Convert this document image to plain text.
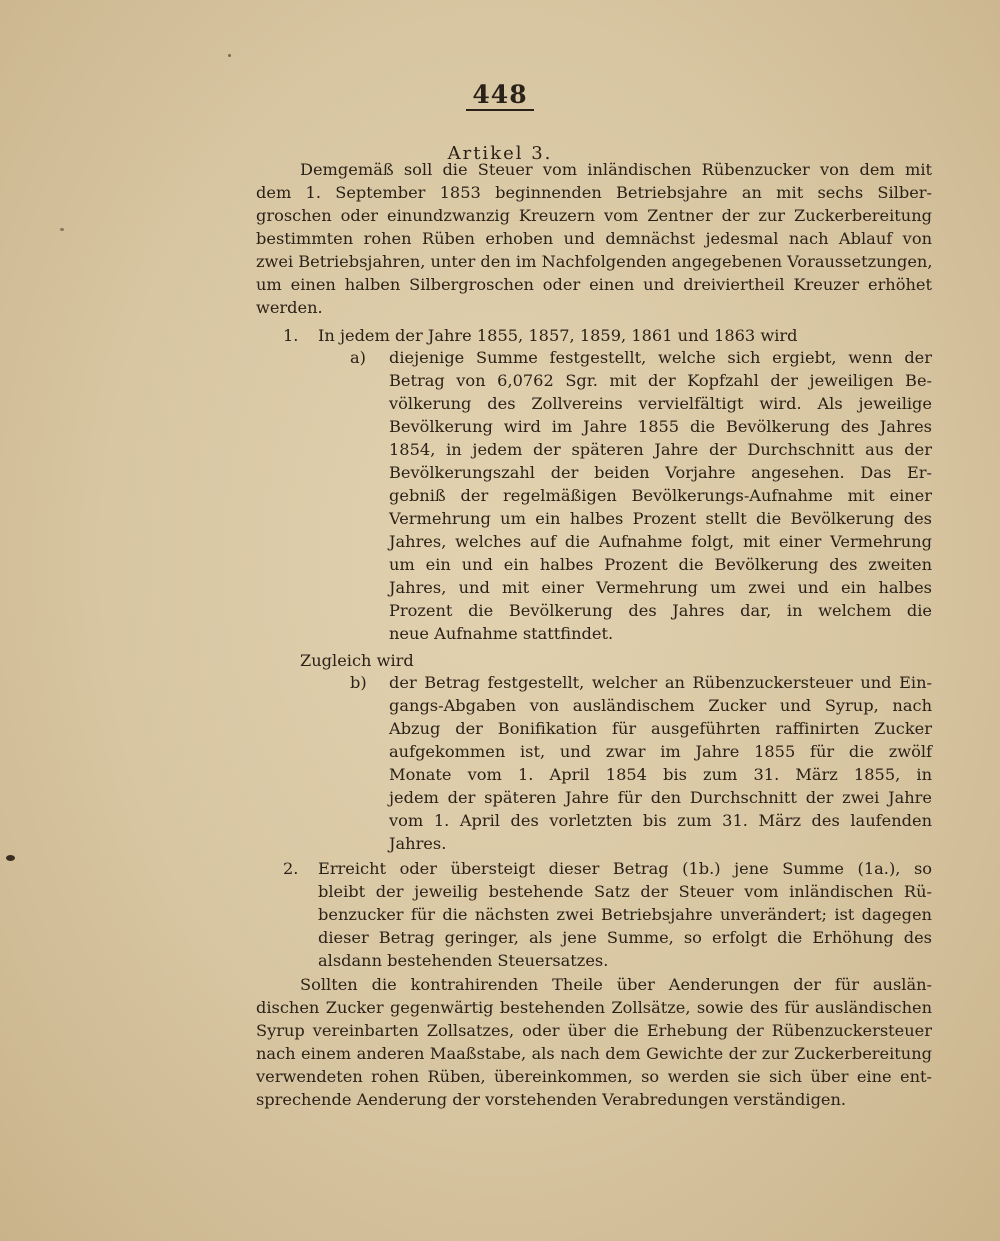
448
Artikel 3.
Demgemäß soll die Steuer vom inländischen Rübenzucker von dem mit
dem 1. September 1853 beginnenden Betriebsjahre an mit sechs Silber-
groschen oder einundzwanzig Kreuzern vom Zentner der zur Zuckerbereitung
bestimmten rohen Rüben erhoben und demnächst jedesmal nach Ablauf von
zwei Betriebsjahren, unter den im Nachfolgenden angegebenen Voraussetzungen,
um einen halben Silbergroschen oder einen und dreiviertheil Kreuzer erhöhet
werden.
1. In jedem der Jahre 1855, 1857, 1859, 1861 und 1863 wird
a) diejenige Summe festgestellt, welche sich ergiebt, wenn der
Betrag von 6,0762 Sgr. mit der Kopfzahl der jeweiligen Be-
völkerung des Zollvereins vervielfältigt wird. Als jeweilige
Bevölkerung wird im Jahre 1855 die Bevölkerung des Jahres
1854, in jedem der späteren Jahre der Durchschnitt aus der
Bevölkerungszahl der beiden Vorjahre angesehen. Das Er-
gebniß der regelmäßigen Bevölkerungs-Aufnahme mit einer
Vermehrung um ein halbes Prozent stellt die Bevölkerung des
Jahres, welches auf die Aufnahme folgt, mit einer Vermehrung
um ein und ein halbes Prozent die Bevölkerung des zweiten
Jahres, und mit einer Vermehrung um zwei und ein halbes
Prozent die Bevölkerung des Jahres dar, in welchem die
neue Aufnahme stattfindet.
Zugleich wird
b) der Betrag festgestellt, welcher an Rübenzuckersteuer und Ein-
gangs-Abgaben von ausländischem Zucker und Syrup, nach
Abzug der Bonifikation für ausgeführten raffinirten Zucker
aufgekommen ist, und zwar im Jahre 1855 für die zwölf
Monate vom 1. April 1854 bis zum 31. März 1855, in
jedem der späteren Jahre für den Durchschnitt der zwei Jahre
vom 1. April des vorletzten bis zum 31. März des laufenden
Jahres.
2. Erreicht oder übersteigt dieser Betrag (1b.) jene Summe (1a.), so
bleibt der jeweilig bestehende Satz der Steuer vom inländischen Rü-
benzucker für die nächsten zwei Betriebsjahre unverändert; ist dagegen
dieser Betrag geringer, als jene Summe, so erfolgt die Erhöhung des
alsdann bestehenden Steuersatzes.
Sollten die kontrahirenden Theile über Aenderungen der für auslän-
dischen Zucker gegenwärtig bestehenden Zollsätze, sowie des für ausländischen
Syrup vereinbarten Zollsatzes, oder über die Erhebung der Rübenzuckersteuer
nach einem anderen Maaßstabe, als nach dem Gewichte der zur Zuckerbereitung
verwendeten rohen Rüben, übereinkommen, so werden sie sich über eine ent-
sprechende Aenderung der vorstehenden Verabredungen verständigen.
